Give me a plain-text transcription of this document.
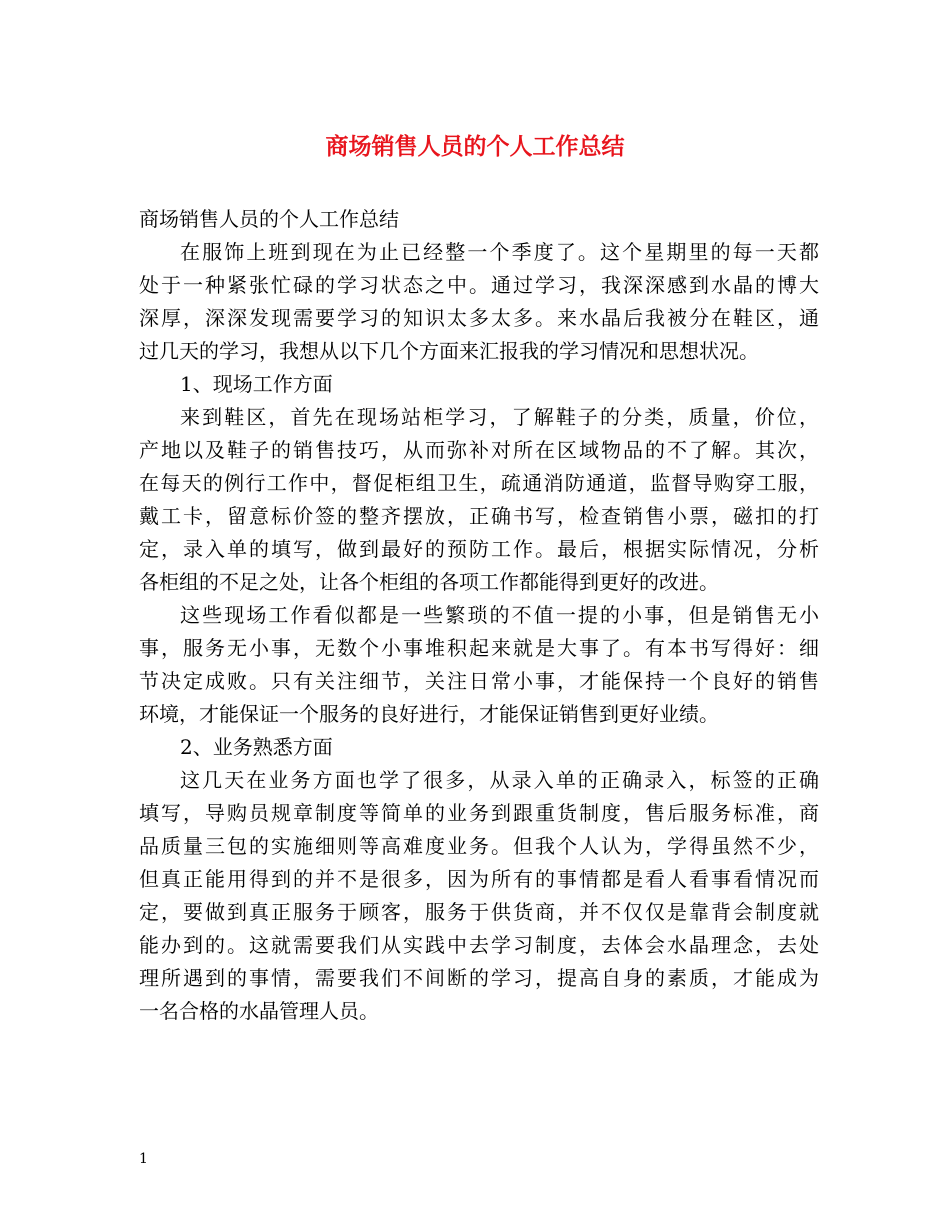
商场销售人员的个人工作总结
商场销售人员的个人工作总结
在服饰上班到现在为止已经整一个季度了。这个星期里的每一天都
处于一种紧张忙碌的学习状态之中。通过学习，我深深感到水晶的博大
深厚，深深发现需要学习的知识太多太多。来水晶后我被分在鞋区，通
过几天的学习，我想从以下几个方面来汇报我的学习情况和思想状况。
1、现场工作方面
来到鞋区，首先在现场站柜学习，了解鞋子的分类，质量，价位，
产地以及鞋子的销售技巧，从而弥补对所在区域物品的不了解。其次，
在每天的例行工作中，督促柜组卫生，疏通消防通道，监督导购穿工服，
戴工卡，留意标价签的整齐摆放，正确书写，检查销售小票，磁扣的打
定，录入单的填写，做到最好的预防工作。最后，根据实际情况，分析
各柜组的不足之处，让各个柜组的各项工作都能得到更好的改进。
这些现场工作看似都是一些繁琐的不值一提的小事，但是销售无小
事，服务无小事，无数个小事堆积起来就是大事了。有本书写得好：细
节决定成败。只有关注细节，关注日常小事，才能保持一个良好的销售
环境，才能保证一个服务的良好进行，才能保证销售到更好业绩。
2、业务熟悉方面
这几天在业务方面也学了很多，从录入单的正确录入，标签的正确
填写，导购员规章制度等简单的业务到跟重货制度，售后服务标准，商
品质量三包的实施细则等高难度业务。但我个人认为，学得虽然不少，
但真正能用得到的并不是很多，因为所有的事情都是看人看事看情况而
定，要做到真正服务于顾客，服务于供货商，并不仅仅是靠背会制度就
能办到的。这就需要我们从实践中去学习制度，去体会水晶理念，去处
理所遇到的事情，需要我们不间断的学习，提高自身的素质，才能成为
一名合格的水晶管理人员。
1
